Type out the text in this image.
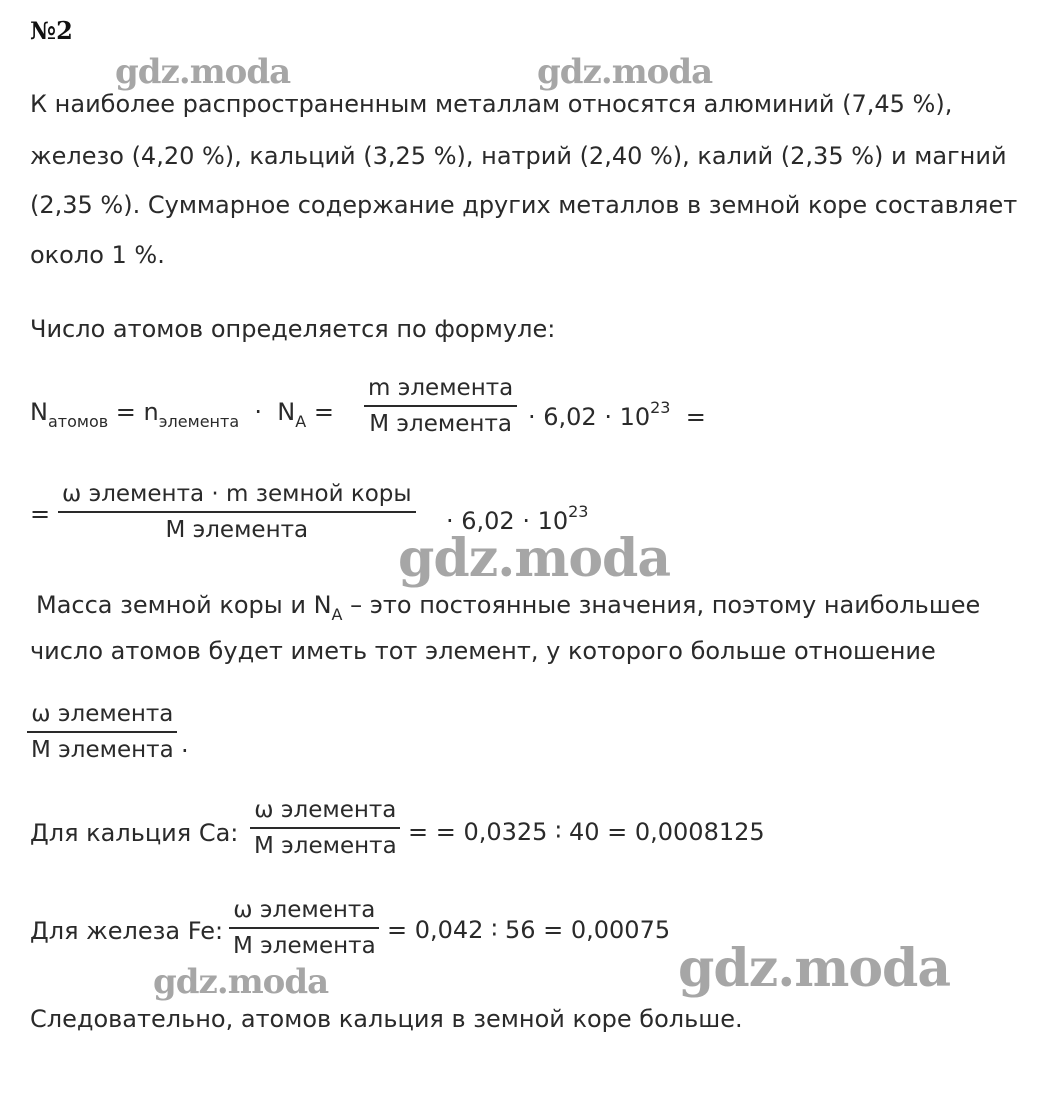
№2
gdz.moda	gdz.moda
gdz.moda
gdz.moda	gdz.moda
К наиболее распространенным металлам относятся алюминий (7,45 %),
железо (4,20 %), кальций (3,25 %), натрий (2,40 %), калий (2,35 %) и магний
(2,35 %). Суммарное содержание других металлов в земной коре составляет
около 1 %.
Число атомов определяется по формуле:
$N_{атомов} = n_{элемента} \cdot N_A$ =
m элемента
M элемента · $6,02 \cdot 10^{23}$ =
=
ω элемента · m земной коры
M элемента	· $6,02 \cdot 10^{23}$
Масса земной коры и $N_A$ – это постоянные значения, поэтому наибольшее
число атомов будет иметь тот элемент, у которого больше отношение
ω элемента
M элемента .
Для кальция Ca:
ω элемента
M элемента = = 0,0325 ∶ 40 = 0,0008125
Для железа Fe:
ω элемента
M элемента
= 0,042 ∶ 56 = 0,00075
Следовательно, атомов кальция в земной коре больше.
